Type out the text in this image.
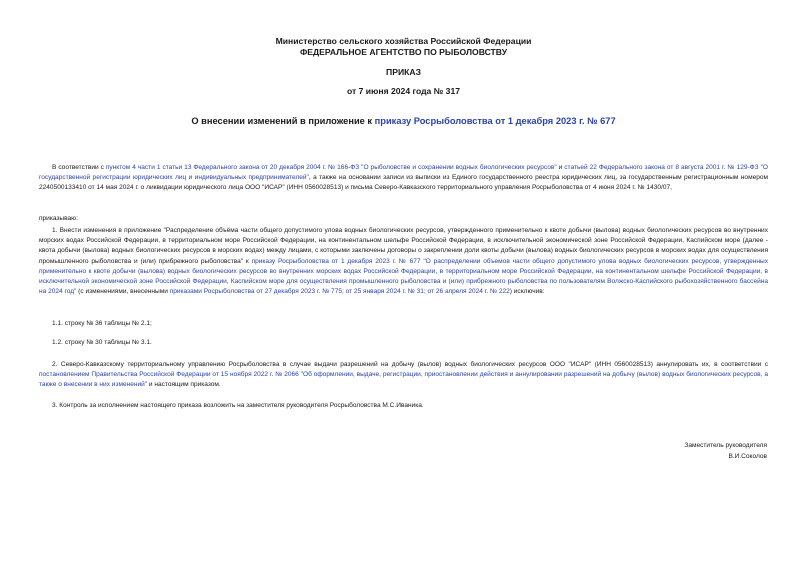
Министерство сельского хозяйства Российской Федерации
ФЕДЕРАЛЬНОЕ АГЕНТСТВО ПО РЫБОЛОВСТВУ
ПРИКАЗ
от 7 июня 2024 года № 317
О внесении изменений в приложение к приказу Росрыболовства от 1 декабря 2023 г. № 677

В соответствии с пунктом 4 части 1 статьи 13 Федерального закона от 20 декабря 2004 г. № 166-ФЗ "О рыболовстве и сохранении водных биологических ресурсов" и статьей 22 Федерального закона от 8 августа 2001 г. № 129-ФЗ "О государственной регистрации юридических лиц и индивидуальных предпринимателей", а также на основании записи из выписки из Единого государственного реестра юридических лиц, за государственным регистрационным номером 2240500133410 от 14 мая 2024 г. о ликвидации юридического лица ООО "ИСАР" (ИНН 0560028513) и письма Северо-Кавказского территориального управления Росрыболовства от 4 июня 2024 г. № 1430/07,

приказываю:

1. Внести изменения в приложение "Распределение объёма части общего допустимого улова водных биологических ресурсов, утвержденного применительно к квоте добычи (вылова) водных биологических ресурсов во внутренних морских водах Российской Федерации, в территориальном море Российской Федерации, на континентальном шельфе Российской Федерации, в исключительной экономической зоне Российской Федерации, Каспийском море (далее - квота добычи (вылова) водных биологических ресурсов в морских водах) между лицами, с которыми заключены договоры о закреплении доли квоты добычи (вылова) водных биологических ресурсов в морских водах для осуществления промышленного рыболовства и (или) прибрежного рыболовства" к приказу Росрыболовства от 1 декабря 2023 г. № 677 "О распределении объемов части общего допустимого улова водных биологических ресурсов, утвержденных применительно к квоте добычи (вылова) водных биологических ресурсов во внутренних морских водах Российской Федерации, в территориальном море Российской Федерации, на континентальном шельфе Российской Федерации, в исключительной экономической зоне Российской Федерации, Каспийском море для осуществления промышленного рыболовства и (или) прибрежного рыболовства по пользователям Волжско-Каспийского рыбохозяйственного бассейна на 2024 год" (с изменениями, внесенными приказами Росрыболовства от 27 декабря 2023 г. № 775; от 25 января 2024 г. № 31; от 26 апреля 2024 г. № 222) исключив:

1.1. строку № 36 таблицы № 2.1;

1.2. строку № 30 таблицы № 3.1.

2. Северо-Кавказскому территориальному управлению Росрыболовства в случае выдачи разрешений на добычу (вылов) водных биологических ресурсов ООО "ИСАР" (ИНН 0560028513) аннулировать их, в соответствии с постановлением Правительства Российской Федерации от 15 ноября 2022 г. № 2066 "Об оформлении, выдаче, регистрации, приостановлении действия и аннулировании разрешений на добычу (вылов) водных биологических ресурсов, а также о внесении в них изменений" и настоящим приказом.

3. Контроль за исполнением настоящего приказа возложить на заместителя руководителя Росрыболовства М.С.Иваника.

Заместитель руководителя
В.И.Соколов
